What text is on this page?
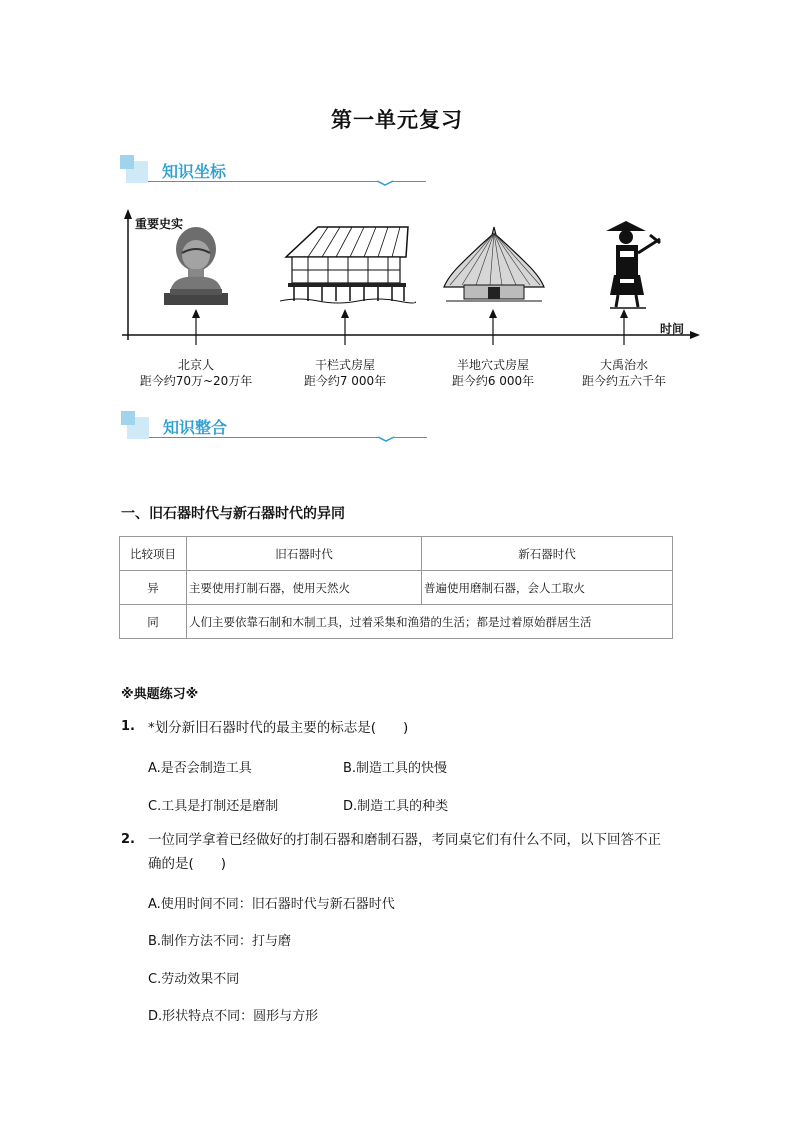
第一单元复习
知识坐标
重要史实
时间
北京人
距今约70万~20万年
干栏式房屋
距今约7 000年
半地穴式房屋
距今约6 000年
大禹治水
距今约五六千年
知识整合
一、旧石器时代与新石器时代的异同
比较项目	旧石器时代	新石器时代
异	主要使用打制石器，使用天然火	普遍使用磨制石器，会人工取火
同	人们主要依靠石制和木制工具，过着采集和渔猎的生活；都是过着原始群居生活	
※典题练习※
1. *划分新旧石器时代的最主要的标志是(　　)
A.是否会制造工具	B.制造工具的快慢
C.工具是打制还是磨制	D.制造工具的种类
2. 一位同学拿着已经做好的打制石器和磨制石器，考同桌它们有什么不同，以下回答不正
确的是(　　)
A.使用时间不同：旧石器时代与新石器时代
B.制作方法不同：打与磨
C.劳动效果不同
D.形状特点不同：圆形与方形
